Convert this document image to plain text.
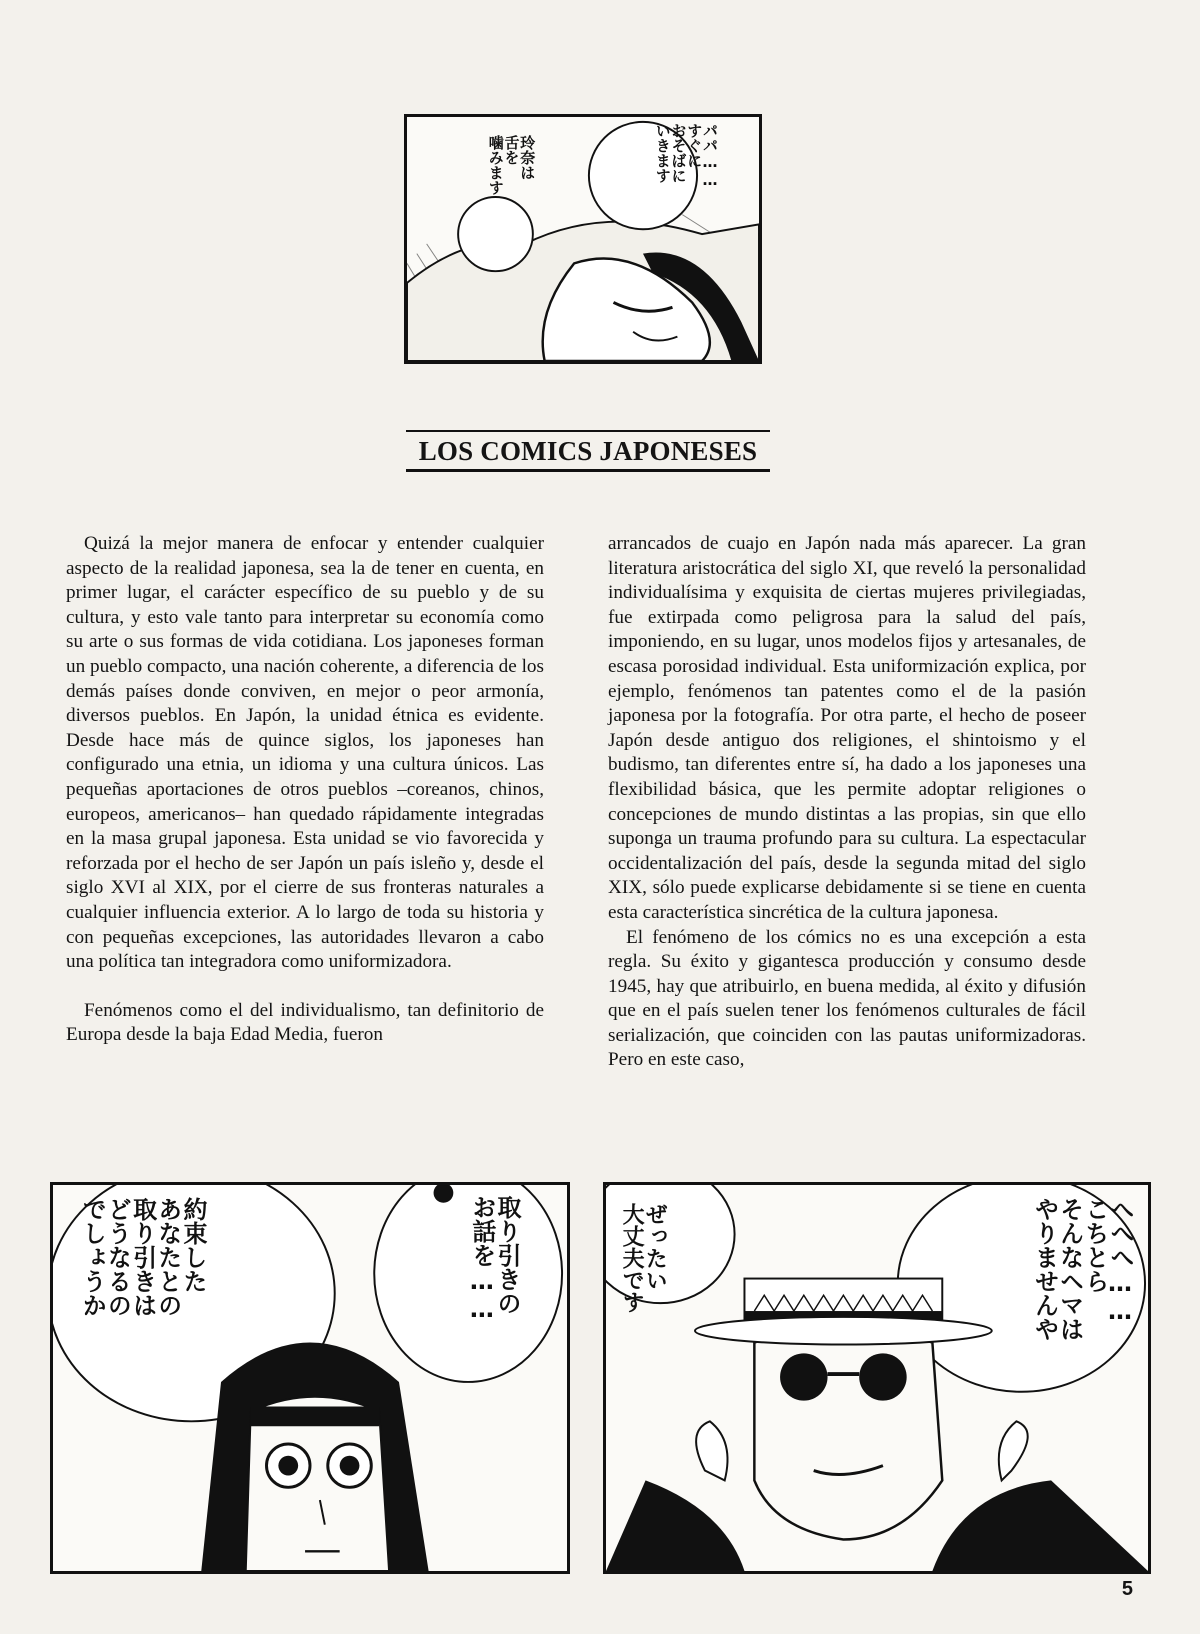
パパ……
すぐに
おそばに
いきます
玲奈は
舌を
噛みます
LOS COMICS JAPONESES

Quizá la mejor manera de enfocar y entender cualquier aspecto de la realidad japonesa, sea la de tener en cuenta, en primer lugar, el carácter específico de su pueblo y de su cultura, y esto vale tanto para interpretar su economía como su arte o sus formas de vida cotidiana. Los japoneses forman un pueblo compacto, una nación coherente, a diferencia de los demás países donde conviven, en mejor o peor armonía, diversos pueblos. En Japón, la unidad étnica es evidente. Desde hace más de quince siglos, los japoneses han configurado una etnia, un idioma y una cultura únicos. Las pequeñas aportaciones de otros pueblos –coreanos, chinos, europeos, americanos– han quedado rápidamente integradas en la masa grupal japonesa. Esta unidad se vio favorecida y reforzada por el hecho de ser Japón un país isleño y, desde el siglo XVI al XIX, por el cierre de sus fronteras naturales a cualquier influencia exterior. A lo largo de toda su historia y con pequeñas excepciones, las autoridades llevaron a cabo una política tan integradora como uniformizadora.

Fenómenos como el del individualismo, tan definitorio de Europa desde la baja Edad Media, fueron

arrancados de cuajo en Japón nada más aparecer. La gran literatura aristocrática del siglo XI, que reveló la personalidad individualísima y exquisita de ciertas mujeres privilegiadas, fue extirpada como peligrosa para la salud del país, imponiendo, en su lugar, unos modelos fijos y artesanales, de escasa porosidad individual. Esta uniformización explica, por ejemplo, fenómenos tan patentes como el de la pasión japonesa por la fotografía. Por otra parte, el hecho de poseer Japón desde antiguo dos religiones, el shintoismo y el budismo, tan diferentes entre sí, ha dado a los japoneses una flexibilidad básica, que les permite adoptar religiones o concepciones de mundo distintas a las propias, sin que ello suponga un trauma profundo para su cultura. La espectacular occidentalización del país, desde la segunda mitad del siglo XIX, sólo puede explicarse debidamente si se tiene en cuenta esta característica sincrética de la cultura japonesa.

El fenómeno de los cómics no es una excepción a esta regla. Su éxito y gigantesca producción y consumo desde 1945, hay que atribuirlo, en buena medida, al éxito y difusión que en el país suelen tener los fenómenos culturales de fácil serialización, que coinciden con las pautas uniformizadoras. Pero en este caso,

取り引きの
お話を……
約束した
あなたとの
取り引きは
どうなるの
でしょうか	へへへ……
こちとら
そんなヘマは
やりませんや
ぜったい
大丈夫です
5
